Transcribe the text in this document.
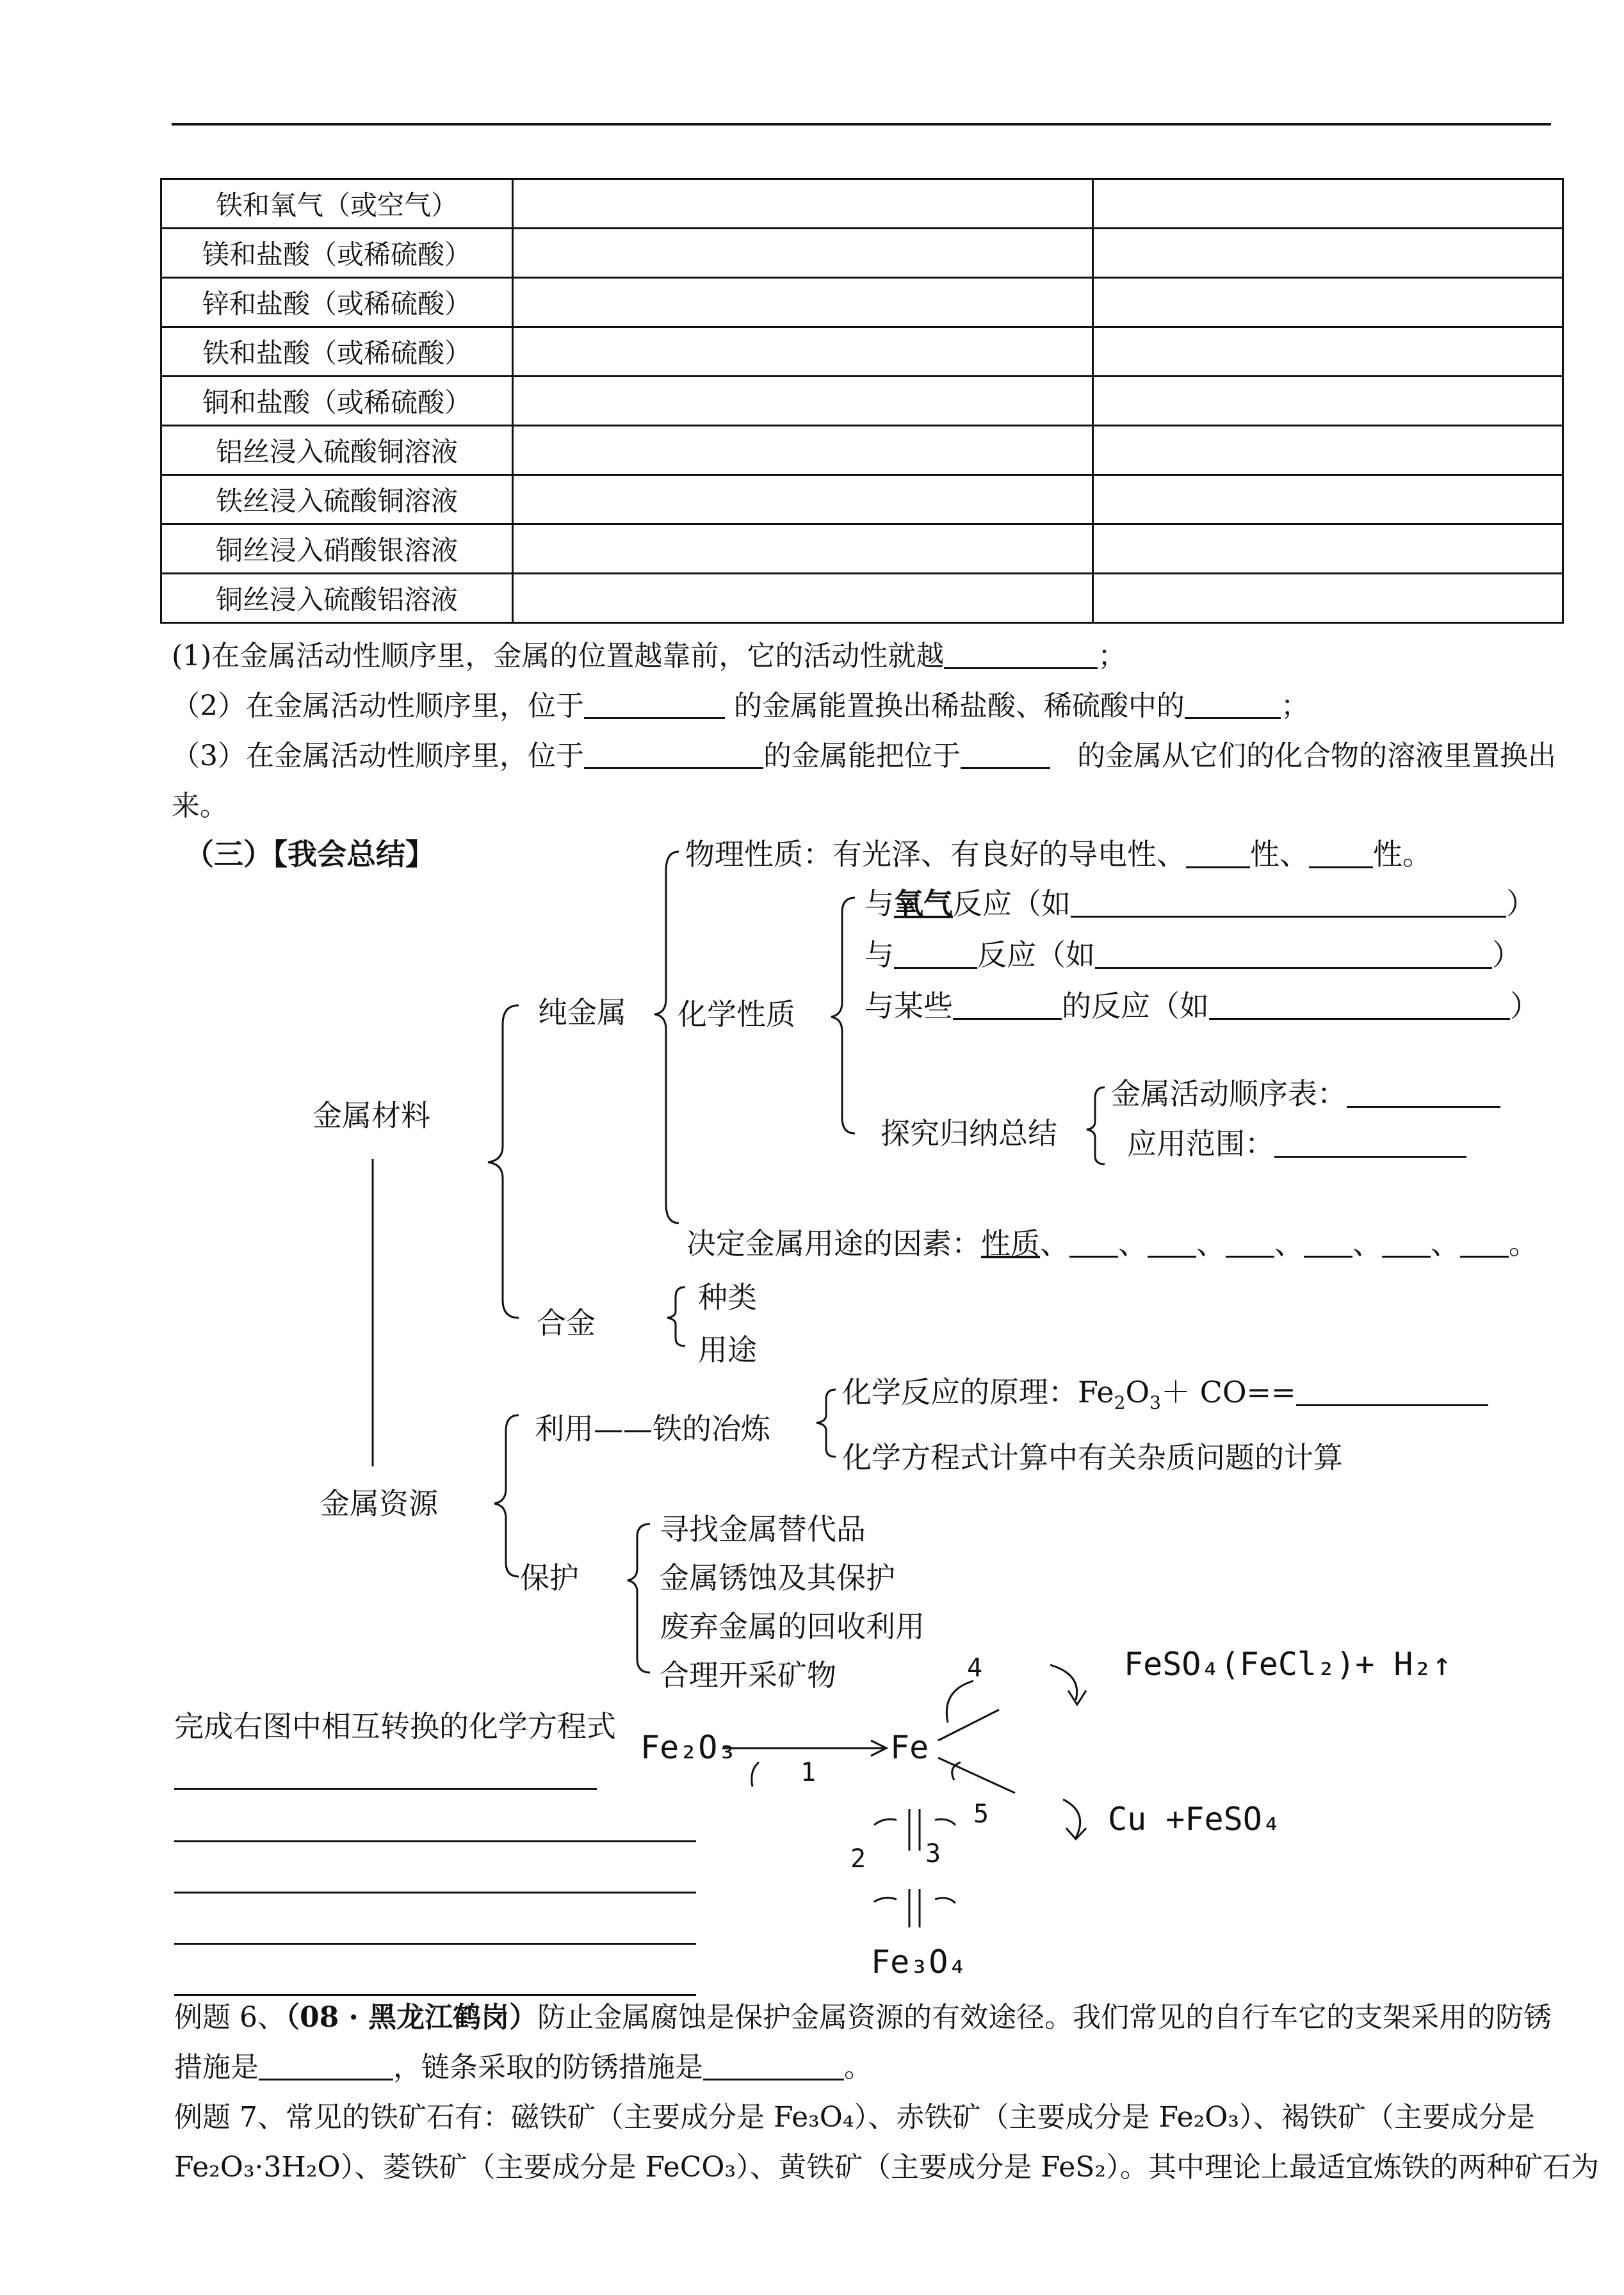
铁和氧气（或空气）		
镁和盐酸（或稀硫酸）		
锌和盐酸（或稀硫酸）		
铁和盐酸（或稀硫酸）		
铜和盐酸（或稀硫酸）		
铝丝浸入硫酸铜溶液		
铁丝浸入硫酸铜溶液		
铜丝浸入硝酸银溶液		
铜丝浸入硫酸铝溶液		
(1)在金属活动性顺序里，金属的位置越靠前，它的活动性就越	；
（2）在金属活动性顺序里，位于	的金属能置换出稀盐酸、稀硫酸中的	；
（3）在金属活动性顺序里，位于	的金属能把位于	的金属从它们的化合物的溶液里置换出
来。
（三）【我会总结】	物理性质：有光泽、有良好的导电性、 性、 性。
与氧气反应（如	）
与	反应（如	）
与某些	的反应（如	）
纯金属 化学性质
金属材料
金属活动顺序表：
探究归纳总结 应用范围：
决定金属用途的因素：性质、 、 、 、 、 、 。
种类
合金
用途
化学反应的原理：$Fe_2O_3+ CO==$
利用——铁的冶炼
化学方程式计算中有关杂质问题的计算
金属资源
寻找金属替代品
保护	金属锈蚀及其保护
废弃金属的回收利用
合理开采矿物
完成右图中相互转换的化学方程式
Fe₂O₃	Fe
Fe₃O₄
FeSO₄(FeCl₂)+ H₂↑
Cu +FeSO₄
1
2 3
4
5
例题 6、（08 · 黑龙江鹤岗）防止金属腐蚀是保护金属资源的有效途径。我们常见的自行车它的支架采用的防锈
措施是	，链条采取的防锈措施是	。
例题 7、常见的铁矿石有：磁铁矿（主要成分是 Fe₃O₄）、赤铁矿（主要成分是 Fe₂O₃）、褐铁矿（主要成分是
Fe₂O₃·3H₂O）、菱铁矿（主要成分是 FeCO₃）、黄铁矿（主要成分是 FeS₂）。其中理论上最适宜炼铁的两种矿石为
